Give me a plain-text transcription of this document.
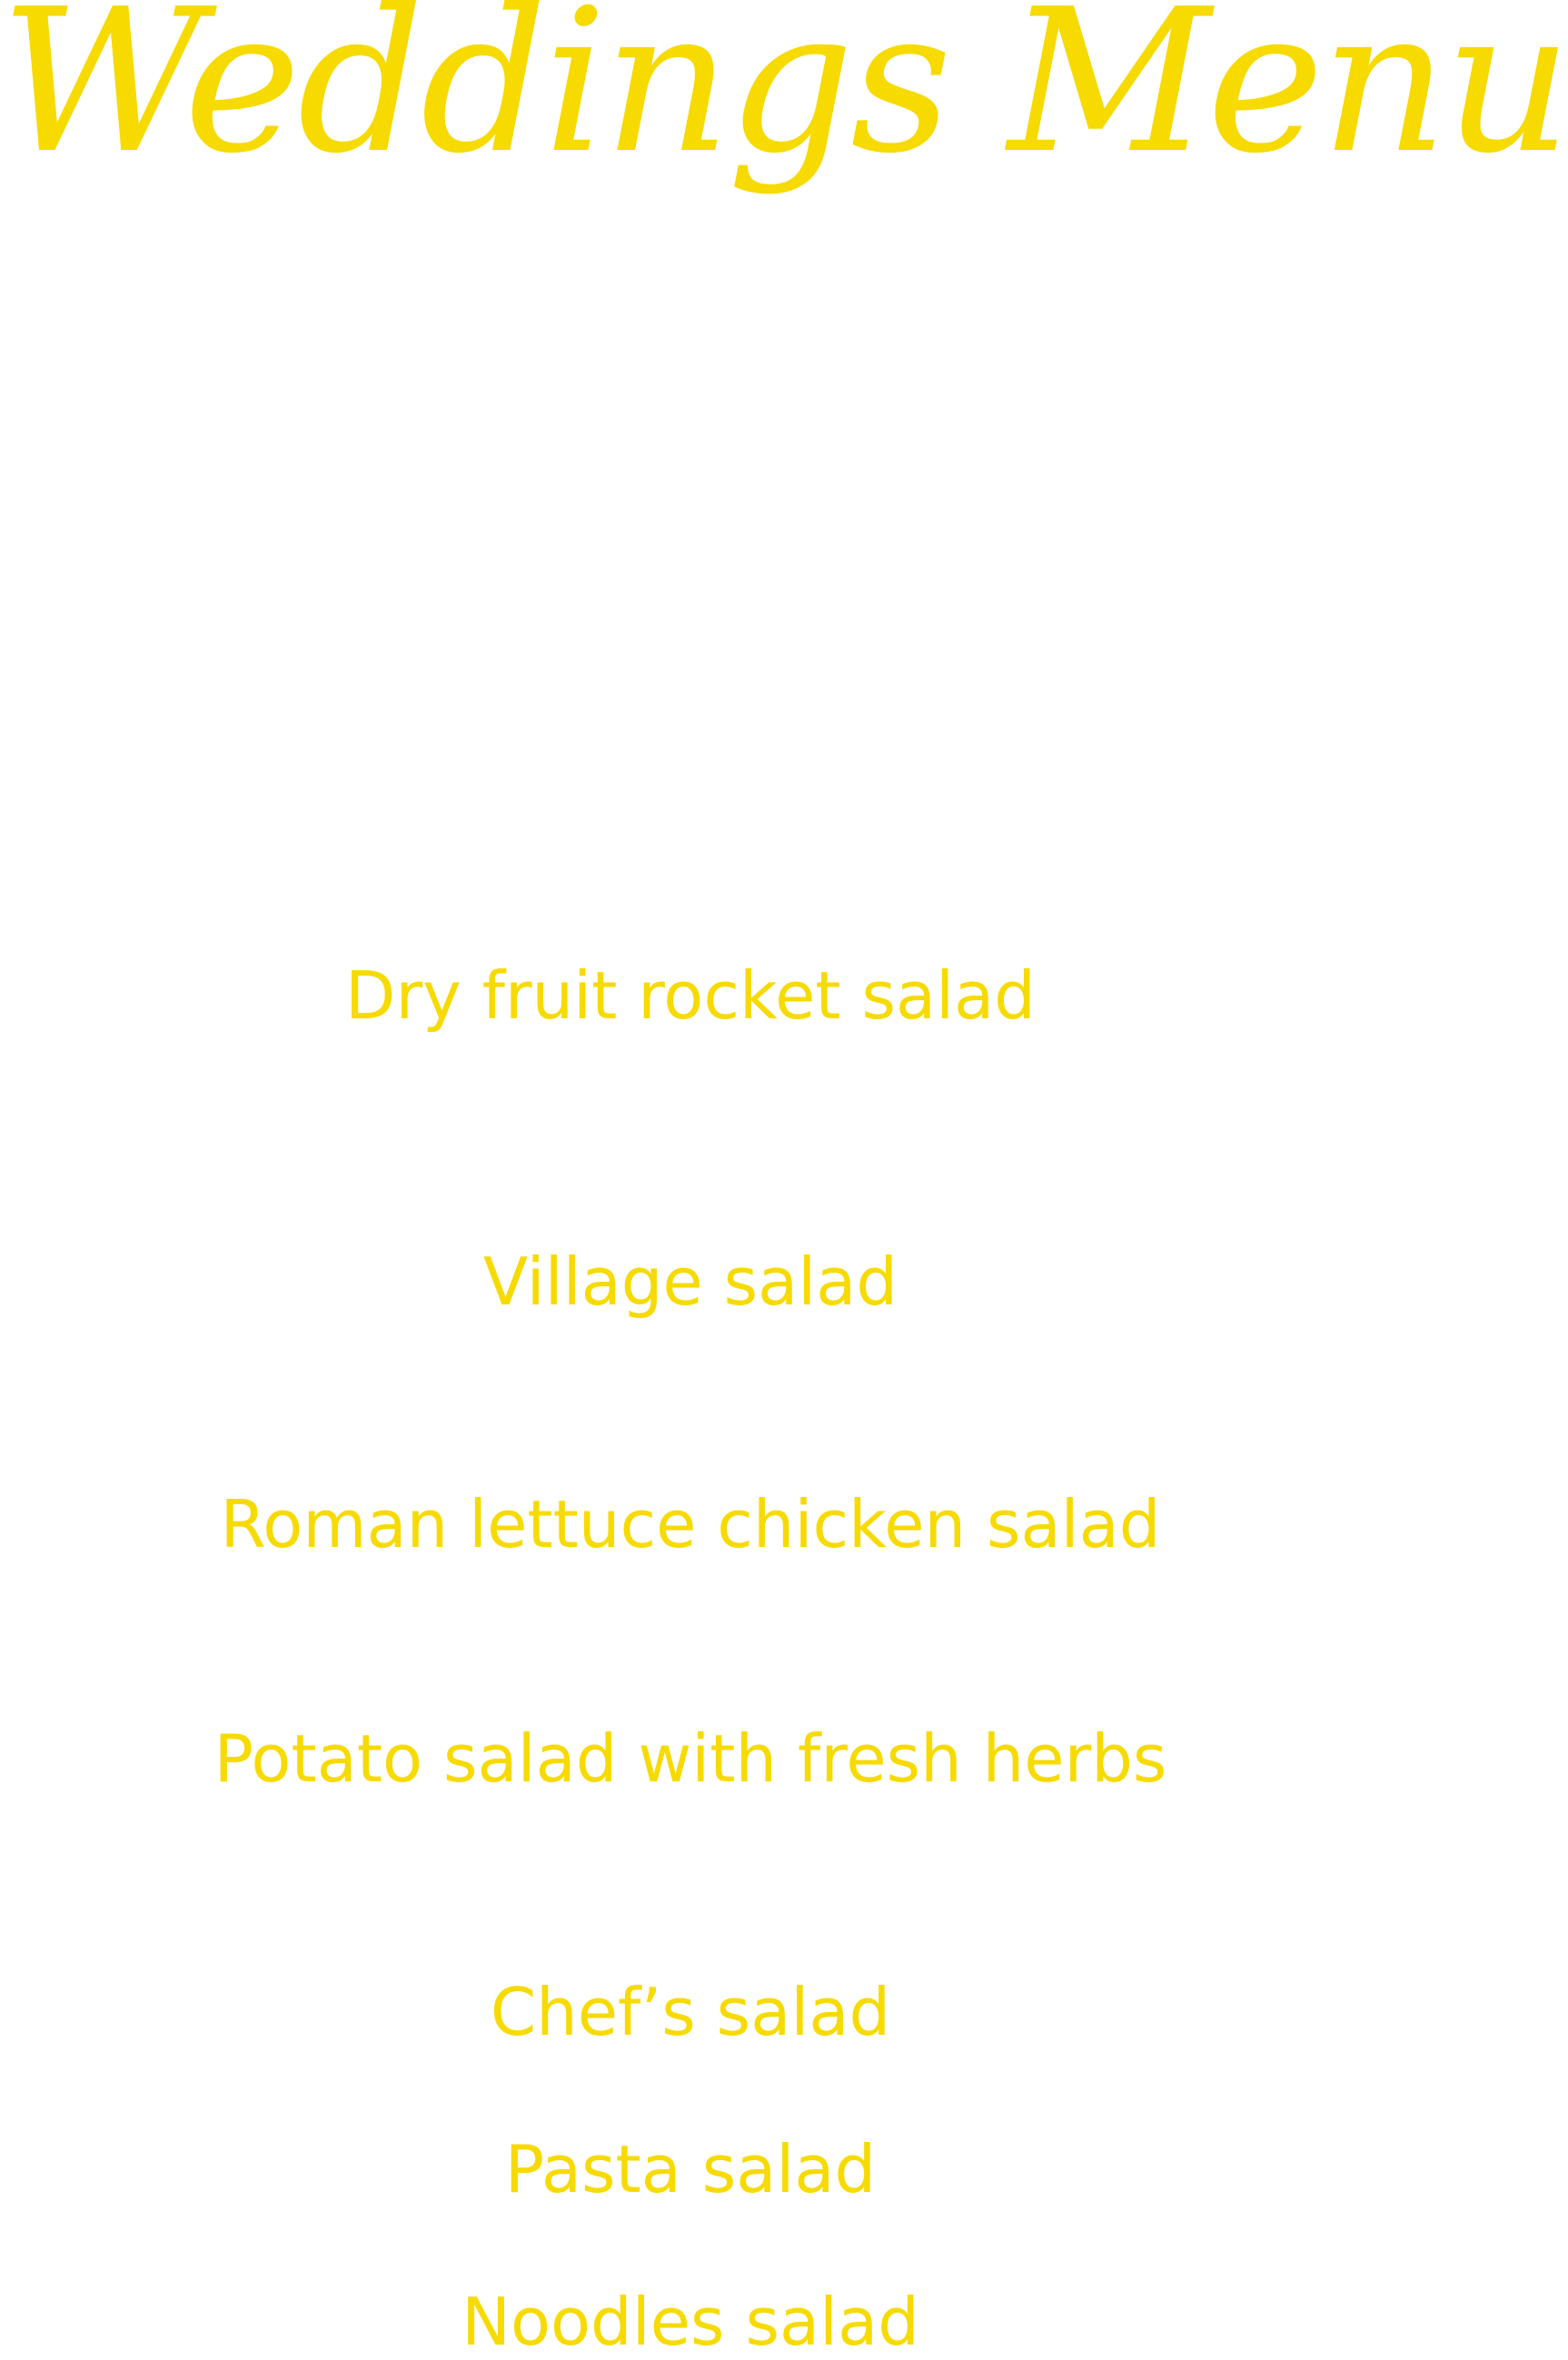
Weddings Menu
Dry fruit rocket salad
Village salad
Roman lettuce chicken salad
Potato salad with fresh herbs
Chef’s salad
Pasta salad
Noodles salad
